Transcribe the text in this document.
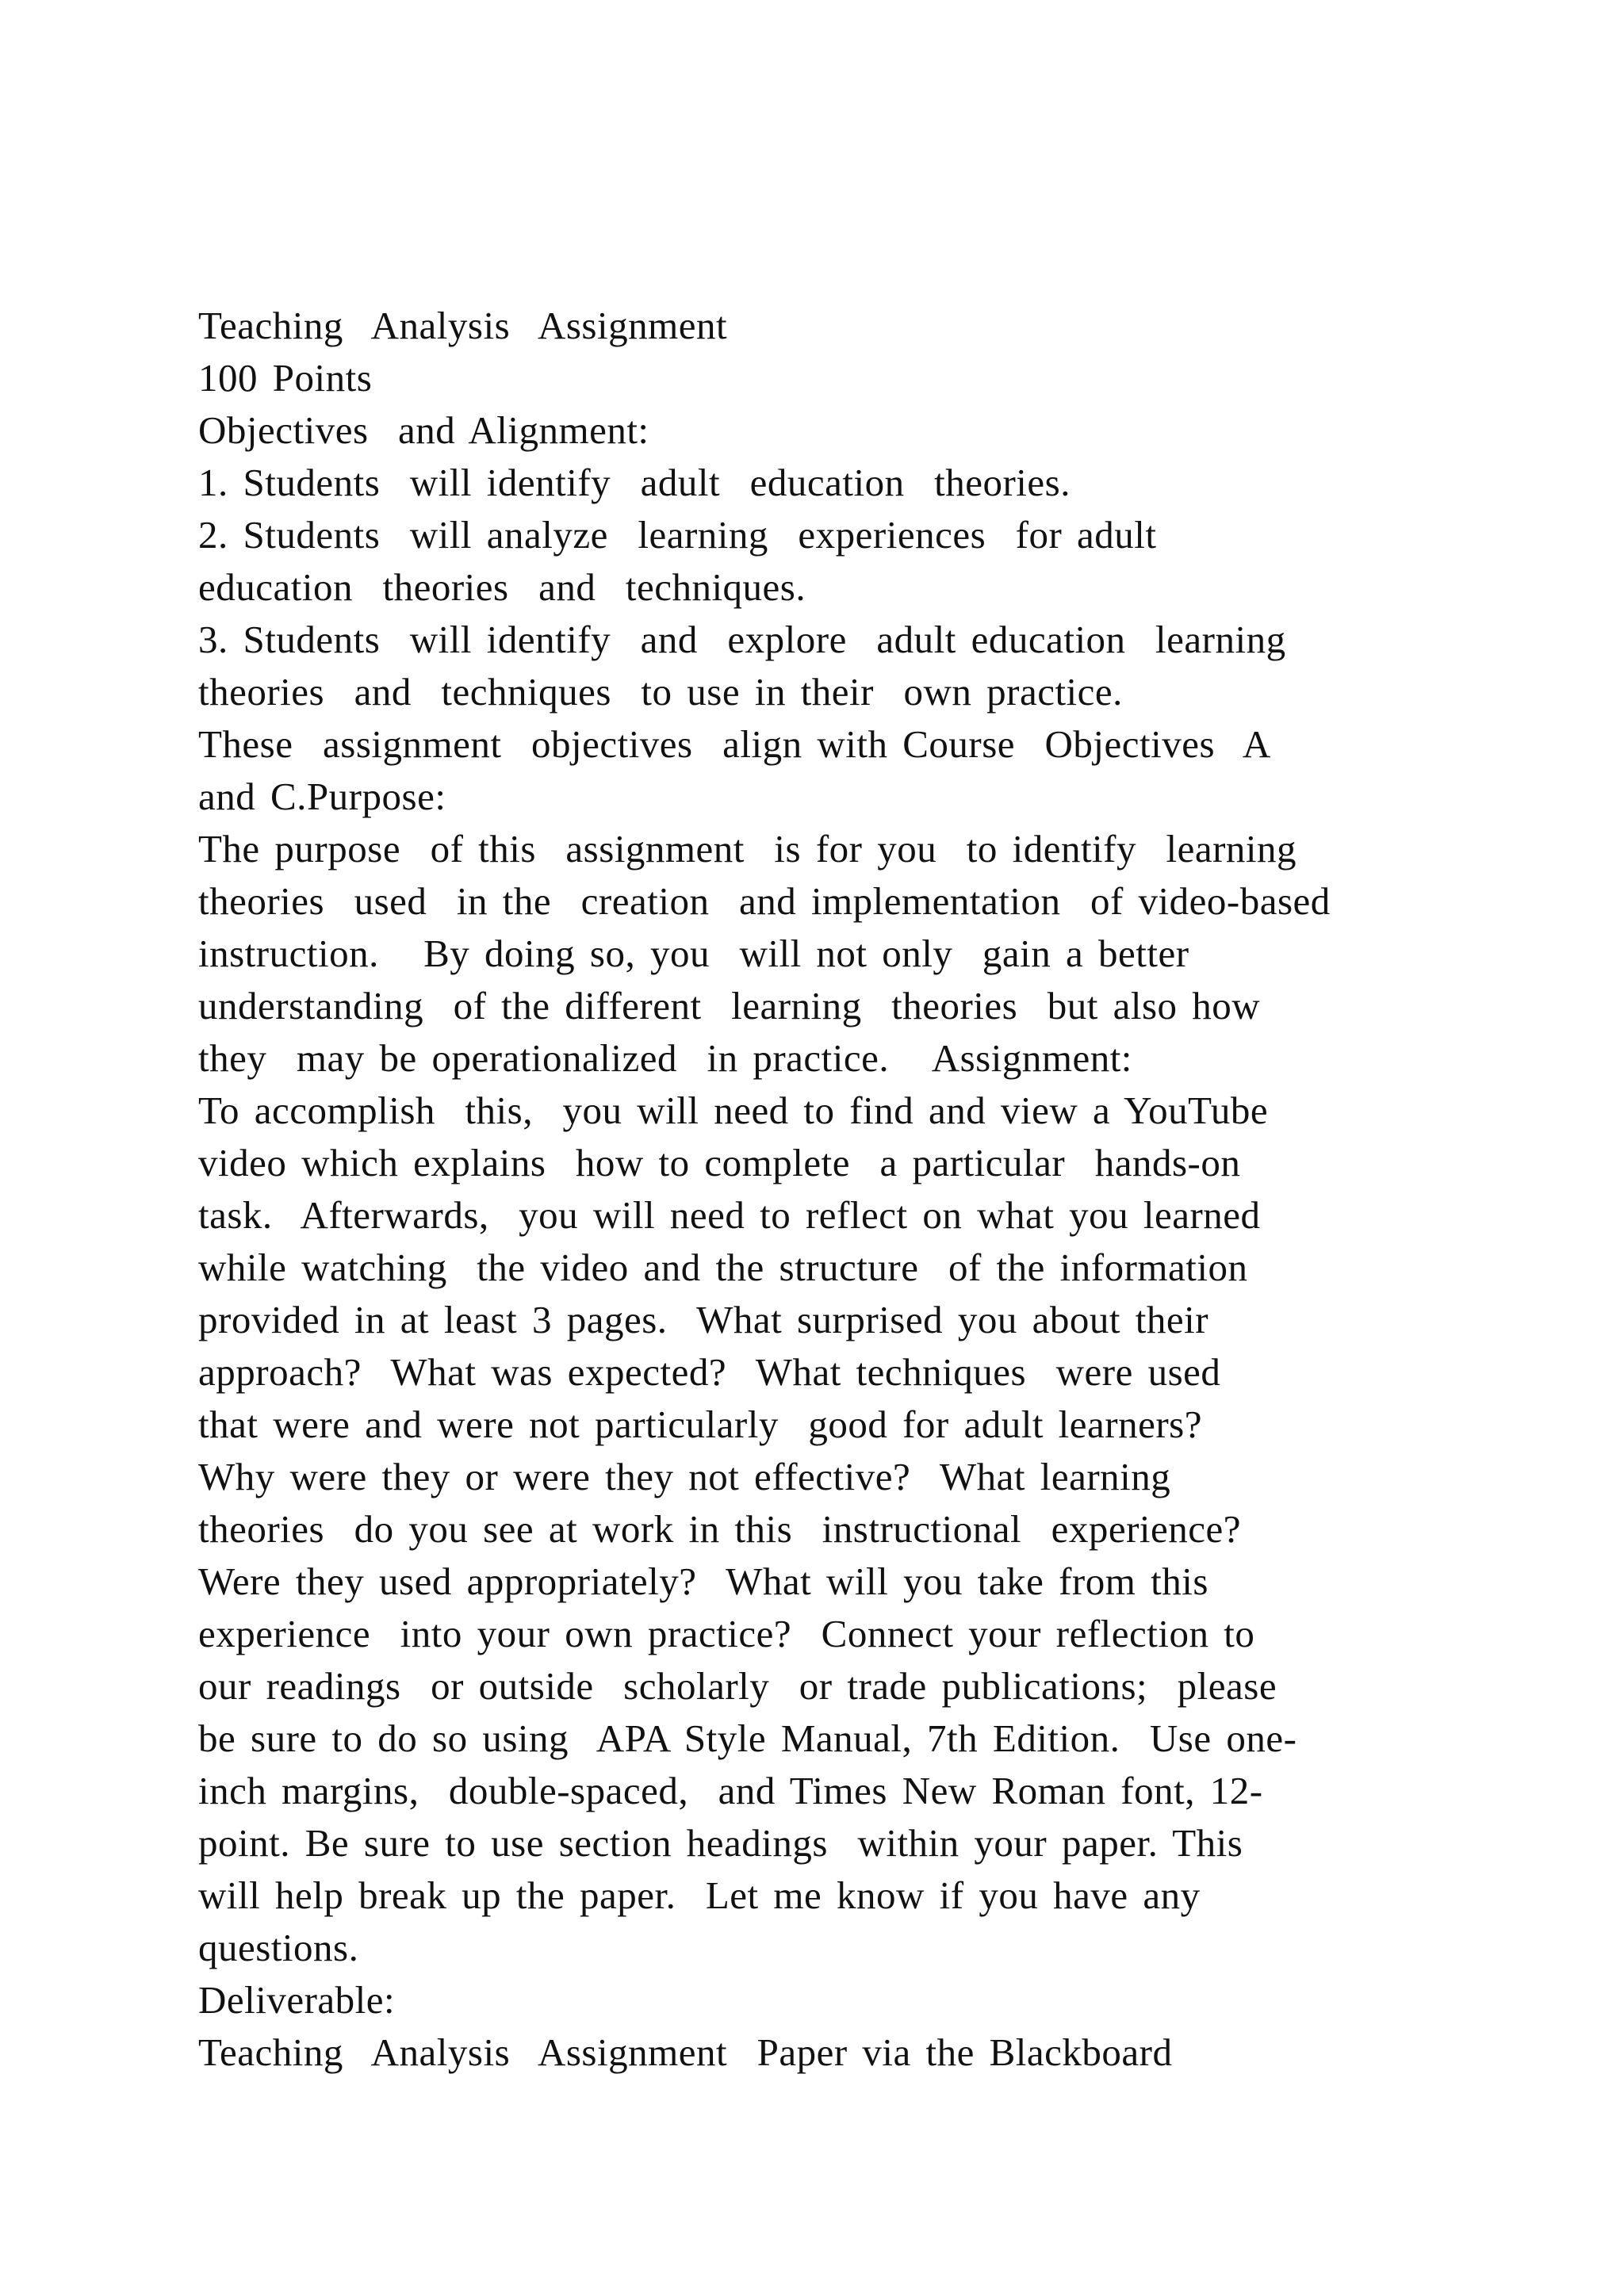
Teaching  Analysis  Assignment
100 Points
Objectives  and Alignment:
1. Students  will identify  adult  education  theories.
2. Students  will analyze  learning  experiences  for adult
education  theories  and  techniques.
3. Students  will identify  and  explore  adult education  learning
theories  and  techniques  to use in their  own practice.
These  assignment  objectives  align with Course  Objectives  A
and C.Purpose:
The purpose  of this  assignment  is for you  to identify  learning
theories  used  in the  creation  and implementation  of video-based
instruction.   By doing so, you  will not only  gain a better
understanding  of the different  learning  theories  but also how
they  may be operationalized  in practice.   Assignment:
To accomplish  this,  you will need to find and view a YouTube
video which explains  how to complete  a particular  hands-on
task.  Afterwards,  you will need to reflect on what you learned
while watching  the video and the structure  of the information
provided in at least 3 pages.  What surprised you about their
approach?  What was expected?  What techniques  were used
that were and were not particularly  good for adult learners?
Why were they or were they not effective?  What learning
theories  do you see at work in this  instructional  experience?
Were they used appropriately?  What will you take from this
experience  into your own practice?  Connect your reflection to
our readings  or outside  scholarly  or trade publications;  please
be sure to do so using  APA Style Manual, 7th Edition.  Use one-
inch margins,  double-spaced,  and Times New Roman font, 12-
point. Be sure to use section headings  within your paper. This
will help break up the paper.  Let me know if you have any
questions.
Deliverable:
Teaching  Analysis  Assignment  Paper via the Blackboard
